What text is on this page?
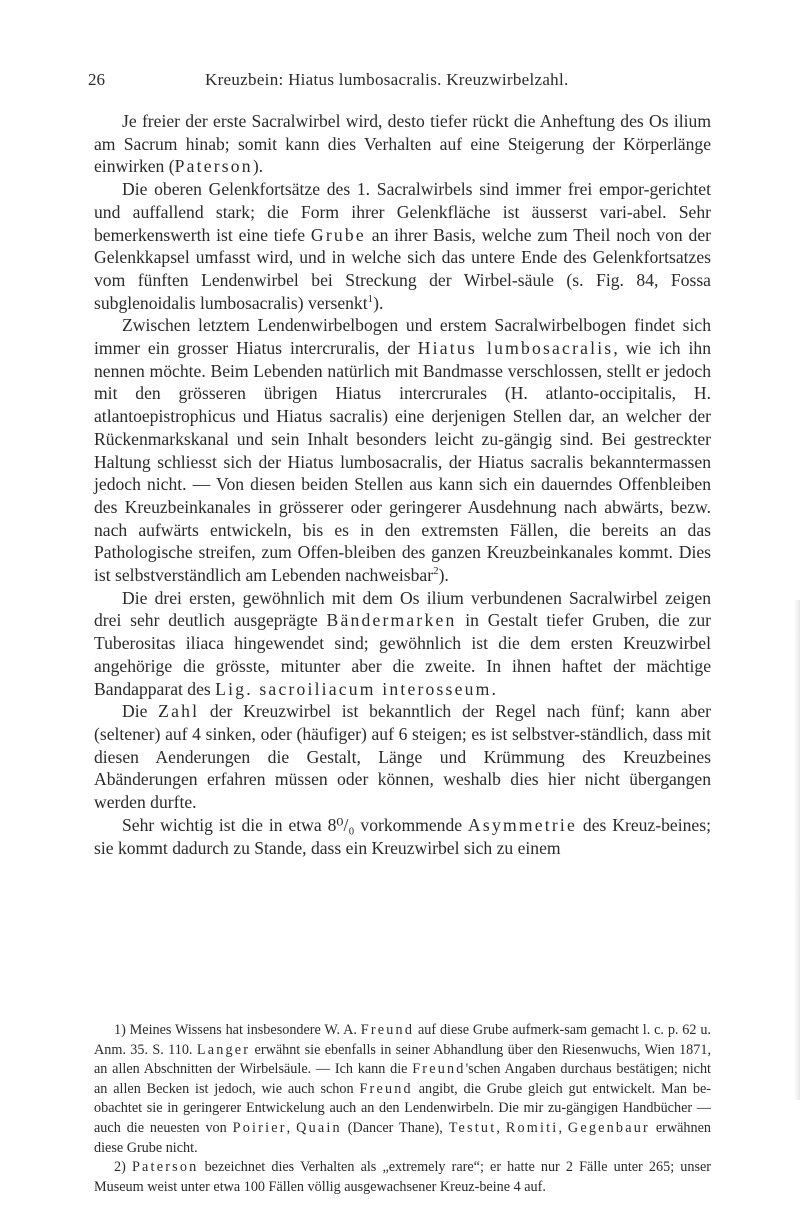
26	Kreuzbein: Hiatus lumbosacralis. Kreuzwirbelzahl.

Je freier der erste Sacralwirbel wird, desto tiefer rückt die Anheftung des Os ilium am Sacrum hinab; somit kann dies Verhalten auf eine Steigerung der Körperlänge einwirken (Paterson).

Die oberen Gelenkfortsätze des 1. Sacralwirbels sind immer frei empor-gerichtet und auffallend stark; die Form ihrer Gelenkfläche ist äusserst vari-abel. Sehr bemerkenswerth ist eine tiefe Grube an ihrer Basis, welche zum Theil noch von der Gelenkkapsel umfasst wird, und in welche sich das untere Ende des Gelenkfortsatzes vom fünften Lendenwirbel bei Streckung der Wirbel-säule (s. Fig. 84, Fossa subglenoidalis lumbosacralis) versenkt$^1$).

Zwischen letztem Lendenwirbelbogen und erstem Sacralwirbelbogen findet sich immer ein grosser Hiatus intercruralis, der Hiatus lumbosacralis, wie ich ihn nennen möchte. Beim Lebenden natürlich mit Bandmasse verschlossen, stellt er jedoch mit den grösseren übrigen Hiatus intercrurales (H. atlanto-occipitalis, H. atlantoepistrophicus und Hiatus sacralis) eine derjenigen Stellen dar, an welcher der Rückenmarkskanal und sein Inhalt besonders leicht zu-gängig sind. Bei gestreckter Haltung schliesst sich der Hiatus lumbosacralis, der Hiatus sacralis bekanntermassen jedoch nicht. — Von diesen beiden Stellen aus kann sich ein dauerndes Offenbleiben des Kreuzbeinkanales in grösserer oder geringerer Ausdehnung nach abwärts, bezw. nach aufwärts entwickeln, bis es in den extremsten Fällen, die bereits an das Pathologische streifen, zum Offen-bleiben des ganzen Kreuzbeinkanales kommt. Dies ist selbstverständlich am Lebenden nachweisbar$^2$).

Die drei ersten, gewöhnlich mit dem Os ilium verbundenen Sacralwirbel zeigen drei sehr deutlich ausgeprägte Bändermarken in Gestalt tiefer Gruben, die zur Tuberositas iliaca hingewendet sind; gewöhnlich ist die dem ersten Kreuzwirbel angehörige die grösste, mitunter aber die zweite. In ihnen haftet der mächtige Bandapparat des Lig. sacroiliacum interosseum.

Die Zahl der Kreuzwirbel ist bekanntlich der Regel nach fünf; kann aber (seltener) auf 4 sinken, oder (häufiger) auf 6 steigen; es ist selbstver-ständlich, dass mit diesen Aenderungen die Gestalt, Länge und Krümmung des Kreuzbeines Abänderungen erfahren müssen oder können, weshalb dies hier nicht übergangen werden durfte.

Sehr wichtig ist die in etwa 8⁰/₀ vorkommende Asymmetrie des Kreuz-beines; sie kommt dadurch zu Stande, dass ein Kreuzwirbel sich zu einem

1) Meines Wissens hat insbesondere W. A. Freund auf diese Grube aufmerk-sam gemacht l. c. p. 62 u. Anm. 35. S. 110. Langer erwähnt sie ebenfalls in seiner Abhandlung über den Riesenwuchs, Wien 1871, an allen Abschnitten der Wirbelsäule. — Ich kann die Freund'schen Angaben durchaus bestätigen; nicht an allen Becken ist jedoch, wie auch schon Freund angibt, die Grube gleich gut entwickelt. Man be-obachtet sie in geringerer Entwickelung auch an den Lendenwirbeln. Die mir zu-gängigen Handbücher — auch die neuesten von Poirier, Quain (Dancer Thane), Testut, Romiti, Gegenbaur erwähnen diese Grube nicht.

2) Paterson bezeichnet dies Verhalten als „extremely rare“; er hatte nur 2 Fälle unter 265; unser Museum weist unter etwa 100 Fällen völlig ausgewachsener Kreuz-beine 4 auf.
